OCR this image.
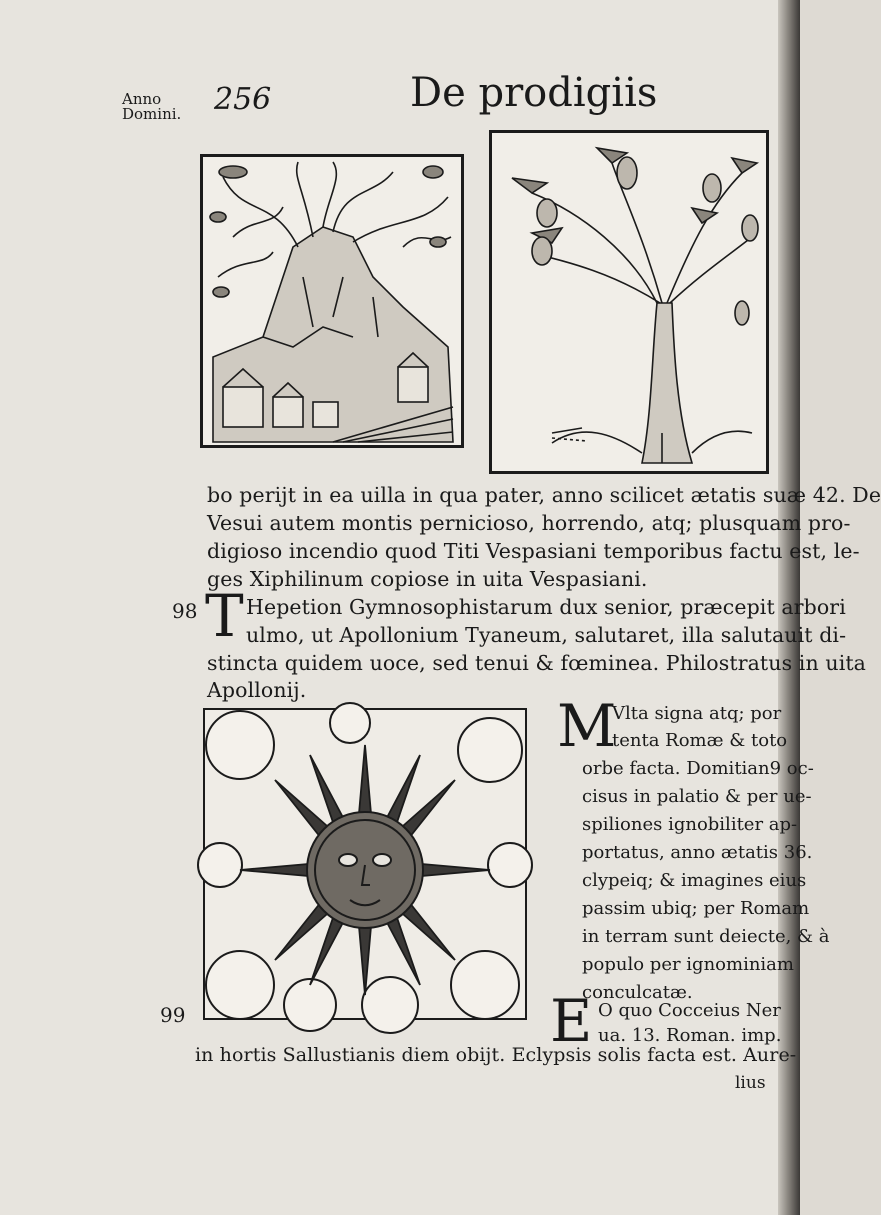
Anno Domini.	256	De prodigiis
bo perijt in ea uilla in qua pater, anno scilicet ætatis suæ 42. De
Vesui autem montis pernicioso, horrendo, atq; plusquam pro-
digioso incendio quod Titi Vespasiani temporibus factu est, le-
ges Xiphilinum copiose in uita Vespasiani.
98 T Hepetion Gymnosophistarum dux senior, præcepit arbori
ulmo, ut Apollonium Tyaneum, salutaret, illa salutauit di-
stincta quidem uoce, sed tenui & fœminea. Philostratus in uita
Apollonij.
M
Vlta signa atq; por
tenta Romæ & toto
orbe facta. Domitian9 oc-
cisus in palatio & per ue-
spiliones ignobiliter ap-
portatus, anno ætatis 36.
clypeiq; & imagines eius
passim ubiq; per Romam
in terram sunt deiecte, & à
populo per ignominiam
conculcatæ.
99	E O quo Cocceius Ner
ua. 13. Roman. imp.
in hortis Sallustianis diem obijt. Eclypsis solis facta est. Aure-
lius
